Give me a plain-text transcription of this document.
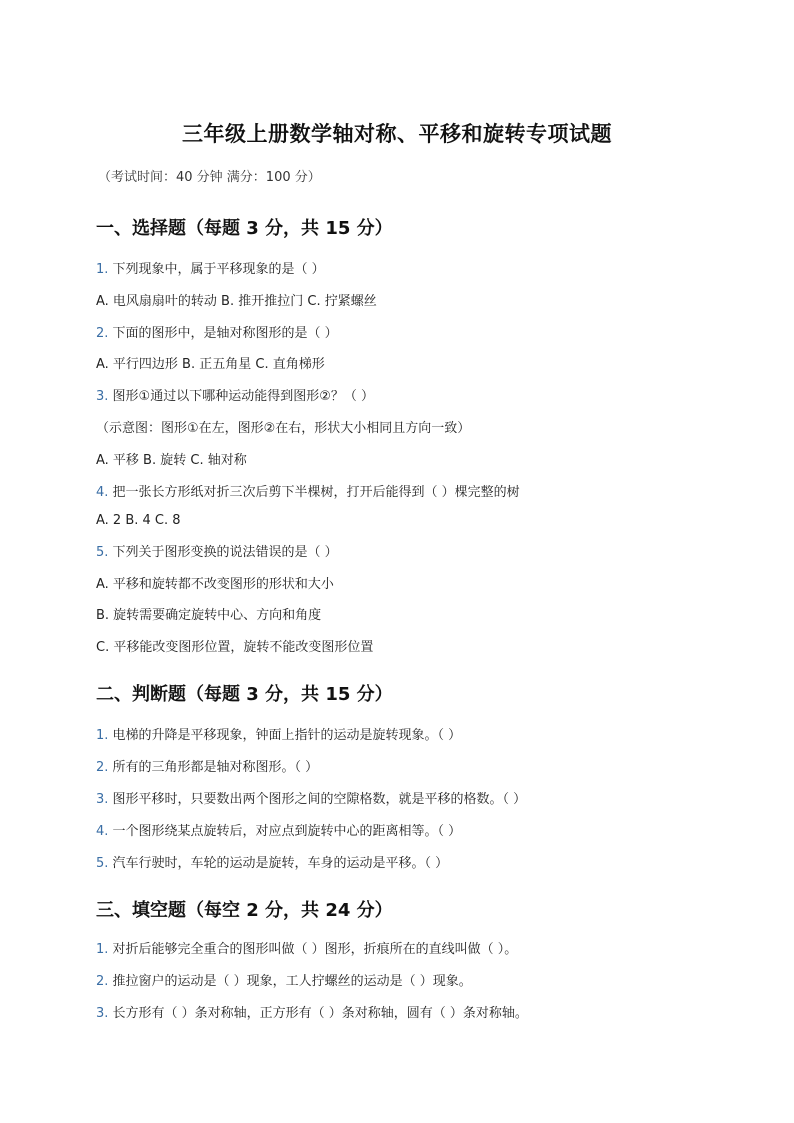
三年级上册数学轴对称、平移和旋转专项试题
（考试时间：40 分钟 满分：100 分）
一、选择题（每题 3 分，共 15 分）
1. 下列现象中，属于平移现象的是（ ）
A. 电风扇扇叶的转动 B. 推开推拉门 C. 拧紧螺丝
2. 下面的图形中，是轴对称图形的是（ ）
A. 平行四边形 B. 正五角星 C. 直角梯形
3. 图形①通过以下哪种运动能得到图形②？（ ）
（示意图：图形①在左，图形②在右，形状大小相同且方向一致）
A. 平移 B. 旋转 C. 轴对称
4. 把一张长方形纸对折三次后剪下半棵树，打开后能得到（ ）棵完整的树
A. 2 B. 4 C. 8
5. 下列关于图形变换的说法错误的是（ ）
A. 平移和旋转都不改变图形的形状和大小
B. 旋转需要确定旋转中心、方向和角度
C. 平移能改变图形位置，旋转不能改变图形位置
二、判断题（每题 3 分，共 15 分）
1. 电梯的升降是平移现象，钟面上指针的运动是旋转现象。（ ）
2. 所有的三角形都是轴对称图形。（ ）
3. 图形平移时，只要数出两个图形之间的空隙格数，就是平移的格数。（ ）
4. 一个图形绕某点旋转后，对应点到旋转中心的距离相等。（ ）
5. 汽车行驶时，车轮的运动是旋转，车身的运动是平移。（ ）
三、填空题（每空 2 分，共 24 分）
1. 对折后能够完全重合的图形叫做（ ）图形，折痕所在的直线叫做（ ）。
2. 推拉窗户的运动是（ ）现象，工人拧螺丝的运动是（ ）现象。
3. 长方形有（ ）条对称轴，正方形有（ ）条对称轴，圆有（ ）条对称轴。
